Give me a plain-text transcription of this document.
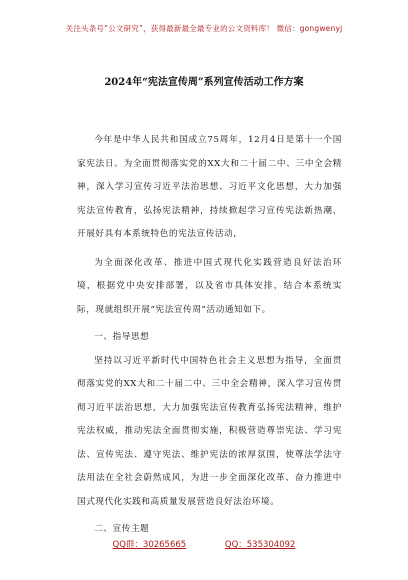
关注头条号“公文研究”，获得最新最全最专业的公文资料库！ 微信：gongwenyj
2024年“宪法宣传周”系列宣传活动工作方案

今年是中华人民共和国成立75周年，12月4日是第十一个国家宪法日。为全面贯彻落实党的XX大和二十届二中、三中全会精神，深入学习宣传习近平法治思想、习近平文化思想，大力加强宪法宣传教育，弘扬宪法精神，持续掀起学习宣传宪法新热潮，开展好具有本系统特色的宪法宣传活动，

为全面深化改革、推进中国式现代化实践营造良好法治环境，根据党中央安排部署，以及省市具体安排，结合本系统实际，现就组织开展“宪法宣传周”活动通知如下。

一、指导思想

坚持以习近平新时代中国特色社会主义思想为指导，全面贯彻落实党的XX大和二十届二中、三中全会精神，深入学习宣传贯彻习近平法治思想，大力加强宪法宣传教育弘扬宪法精神，维护宪法权威，推动宪法全面贯彻实施，积极营造尊崇宪法、学习宪法、宣传宪法、遵守宪法、维护宪法的浓厚氛围，使尊法学法守法用法在全社会蔚然成风，为进一步全面深化改革、奋力推进中国式现代化实践和高质量发展营造良好法治环境。

二、宣传主题

QQ群：30265665	QQ：535304092
